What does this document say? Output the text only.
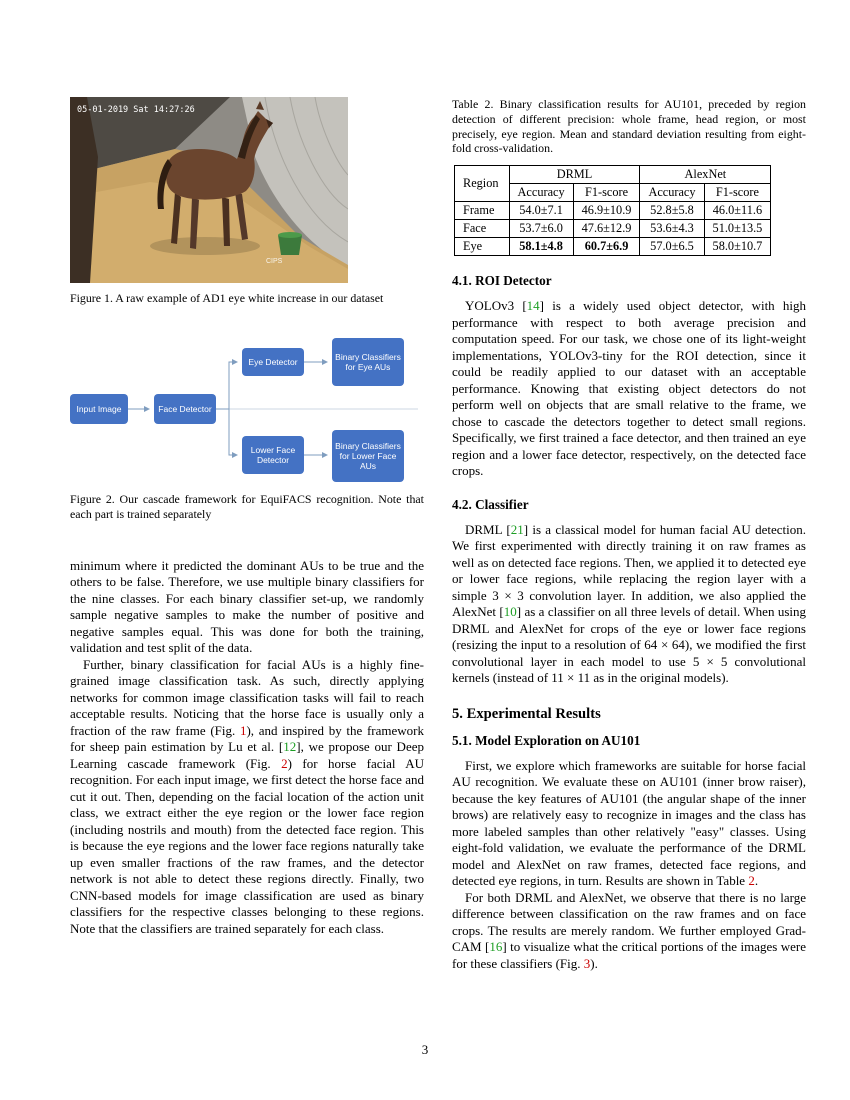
05-01-2019 Sat 14:27:26
CIPS

Figure 1. A raw example of AD1 eye white increase in our dataset

Input Image	Face Detector
Eye Detector
Binary Classifiers for Eye AUs
Lower Face Detector
Binary Classifiers for Lower Face AUs

Figure 2. Our cascade framework for EquiFACS recognition. Note that each part is trained separately

minimum where it predicted the dominant AUs to be true and the others to be false. Therefore, we use multiple binary classifiers for the nine classes. For each binary classifier set-up, we randomly sample negative samples to make the number of positive and negative samples equal. This was done for both the training, validation and test split of the data.

Further, binary classification for facial AUs is a highly fine-grained image classification task. As such, directly applying networks for common image classification tasks will fail to reach acceptable results. Noticing that the horse face is usually only a fraction of the raw frame (Fig. 1), and inspired by the framework for sheep pain estimation by Lu et al. [12], we propose our Deep Learning cascade framework (Fig. 2) for horse facial AU recognition. For each input image, we first detect the horse face and cut it out. Then, depending on the facial location of the action unit class, we extract either the eye region or the lower face region (including nostrils and mouth) from the detected face region. This is because the eye regions and the lower face regions naturally take up even smaller fractions of the raw frames, and the detector network is not able to detect these regions directly. Finally, two CNN-based models for image classification are used as binary classifiers for the respective classes belonging to these regions. Note that the classifiers are trained separately for each class.

Table 2. Binary classification results for AU101, preceded by region detection of different precision: whole frame, head region, or most precisely, eye region. Mean and standard deviation resulting from eight-fold cross-validation.

Region	DRML		AlexNet	
	Accuracy	F1-score	Accuracy	F1-score
Frame	54.0±7.1	46.9±10.9	52.8±5.8	46.0±11.6
Face	53.7±6.0	47.6±12.9	53.6±4.3	51.0±13.5
Eye	58.1±4.8	60.7±6.9	57.0±6.5	58.0±10.7
4.1. ROI Detector

YOLOv3 [14] is a widely used object detector, with high performance with respect to both average precision and computation speed. For our task, we chose one of its light-weight implementations, YOLOv3-tiny for the ROI detection, since it could be readily applied to our dataset with an acceptable performance. Knowing that existing object detectors do not perform well on objects that are small relative to the frame, we chose to cascade the detectors together to detect small regions. Specifically, we first trained a face detector, and then trained an eye region and a lower face detector, respectively, on the detected face crops.

4.2. Classifier

DRML [21] is a classical model for human facial AU detection. We first experimented with directly training it on raw frames as well as on detected face regions. Then, we applied it to detected eye or lower face regions, while replacing the region layer with a simple 3 × 3 convolution layer. In addition, we also applied the AlexNet [10] as a classifier on all three levels of detail. When using DRML and AlexNet for crops of the eye or lower face regions (resizing the input to a resolution of 64 × 64), we modified the first convolutional layer in each model to use 5 × 5 convolutional kernels (instead of 11 × 11 as in the original models).

5. Experimental Results
5.1. Model Exploration on AU101

First, we explore which frameworks are suitable for horse facial AU recognition. We evaluate these on AU101 (inner brow raiser), because the key features of AU101 (the angular shape of the inner brows) are relatively easy to recognize in images and the class has more labeled samples than other relatively "easy" classes. Using eight-fold validation, we evaluate the performance of the DRML model and AlexNet on raw frames, detected face regions, and detected eye regions, in turn. Results are shown in Table 2.

For both DRML and AlexNet, we observe that there is no large difference between classification on the raw frames and on face crops. The results are merely random. We further employed Grad-CAM [16] to visualize what the critical portions of the images were for these classifiers (Fig. 3).

3
